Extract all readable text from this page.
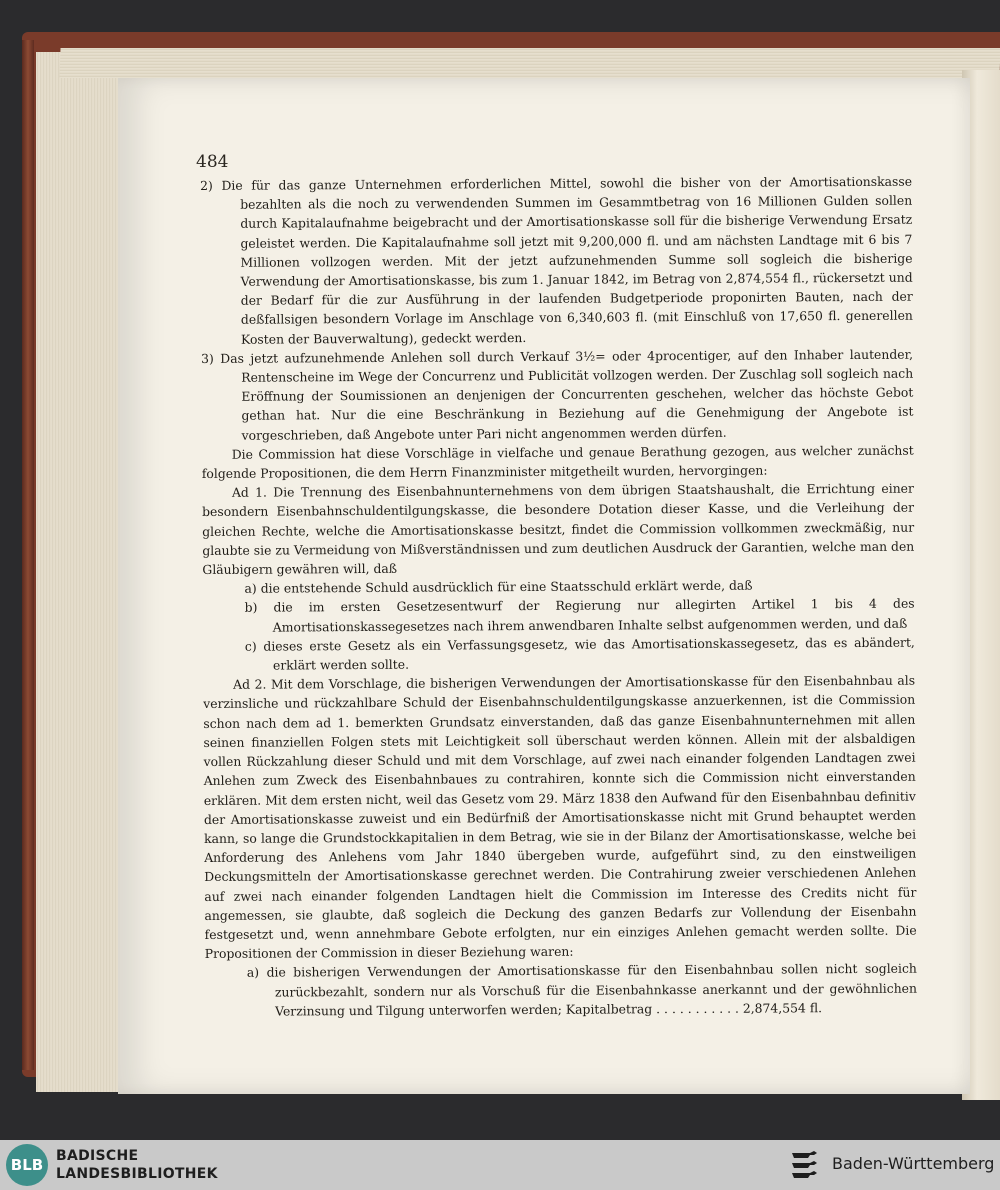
484

2) Die für das ganze Unternehmen erforderlichen Mittel, sowohl die bisher von der Amortisationskasse bezahlten als die noch zu verwendenden Summen im Gesammtbetrag von 16 Millionen Gulden sollen durch Kapitalaufnahme beigebracht und der Amortisationskasse soll für die bisherige Verwendung Ersatz geleistet werden. Die Kapitalaufnahme soll jetzt mit 9,200,000 fl. und am nächsten Landtage mit 6 bis 7 Millionen vollzogen werden. Mit der jetzt aufzunehmenden Summe soll sogleich die bisherige Verwendung der Amortisationskasse, bis zum 1. Januar 1842, im Betrag von 2,874,554 fl., rückersetzt und der Bedarf für die zur Ausführung in der laufenden Budgetperiode proponirten Bauten, nach der deßfallsigen besondern Vorlage im Anschlage von 6,340,603 fl. (mit Einschluß von 17,650 fl. generellen Kosten der Bauverwaltung), gedeckt werden.

3) Das jetzt aufzunehmende Anlehen soll durch Verkauf 3½= oder 4procentiger, auf den Inhaber lautender, Rentenscheine im Wege der Concurrenz und Publicität vollzogen werden. Der Zuschlag soll sogleich nach Eröffnung der Soumissionen an denjenigen der Concurrenten geschehen, welcher das höchste Gebot gethan hat. Nur die eine Beschränkung in Beziehung auf die Genehmigung der Angebote ist vorgeschrieben, daß Angebote unter Pari nicht angenommen werden dürfen.

Die Commission hat diese Vorschläge in vielfache und genaue Berathung gezogen, aus welcher zunächst folgende Propositionen, die dem Herrn Finanzminister mitgetheilt wurden, hervorgingen:

Ad 1. Die Trennung des Eisenbahnunternehmens von dem übrigen Staatshaushalt, die Errichtung einer besondern Eisenbahnschuldentilgungskasse, die besondere Dotation dieser Kasse, und die Verleihung der gleichen Rechte, welche die Amortisationskasse besitzt, findet die Commission vollkommen zweckmäßig, nur glaubte sie zu Vermeidung von Mißverständnissen und zum deutlichen Ausdruck der Garantien, welche man den Gläubigern gewähren will, daß

a) die entstehende Schuld ausdrücklich für eine Staatsschuld erklärt werde, daß

b) die im ersten Gesetzesentwurf der Regierung nur allegirten Artikel 1 bis 4 des Amortisationskassegesetzes nach ihrem anwendbaren Inhalte selbst aufgenommen werden, und daß

c) dieses erste Gesetz als ein Verfassungsgesetz, wie das Amortisationskassegesetz, das es abändert, erklärt werden sollte.

Ad 2. Mit dem Vorschlage, die bisherigen Verwendungen der Amortisationskasse für den Eisenbahnbau als verzinsliche und rückzahlbare Schuld der Eisenbahnschuldentilgungskasse anzuerkennen, ist die Commission schon nach dem ad 1. bemerkten Grundsatz einverstanden, daß das ganze Eisenbahnunternehmen mit allen seinen finanziellen Folgen stets mit Leichtigkeit soll überschaut werden können. Allein mit der alsbaldigen vollen Rückzahlung dieser Schuld und mit dem Vorschlage, auf zwei nach einander folgenden Landtagen zwei Anlehen zum Zweck des Eisenbahnbaues zu contrahiren, konnte sich die Commission nicht einverstanden erklären. Mit dem ersten nicht, weil das Gesetz vom 29. März 1838 den Aufwand für den Eisenbahnbau definitiv der Amortisationskasse zuweist und ein Bedürfniß der Amortisationskasse nicht mit Grund behauptet werden kann, so lange die Grundstockkapitalien in dem Betrag, wie sie in der Bilanz der Amortisationskasse, welche bei Anforderung des Anlehens vom Jahr 1840 übergeben wurde, aufgeführt sind, zu den einstweiligen Deckungsmitteln der Amortisationskasse gerechnet werden. Die Contrahirung zweier verschiedenen Anlehen auf zwei nach einander folgenden Landtagen hielt die Commission im Interesse des Credits nicht für angemessen, sie glaubte, daß sogleich die Deckung des ganzen Bedarfs zur Vollendung der Eisenbahn festgesetzt und, wenn annehmbare Gebote erfolgten, nur ein einziges Anlehen gemacht werden sollte. Die Propositionen der Commission in dieser Beziehung waren:

a) die bisherigen Verwendungen der Amortisationskasse für den Eisenbahnbau sollen nicht sogleich zurückbezahlt, sondern nur als Vorschuß für die Eisenbahnkasse anerkannt und der gewöhnlichen Verzinsung und Tilgung unterworfen werden; Kapitalbetrag . . . . . . . . . . . 2,874,554 fl.

BLB BADISCHE
LANDESBIBLIOTHEK
Baden-Württemberg
